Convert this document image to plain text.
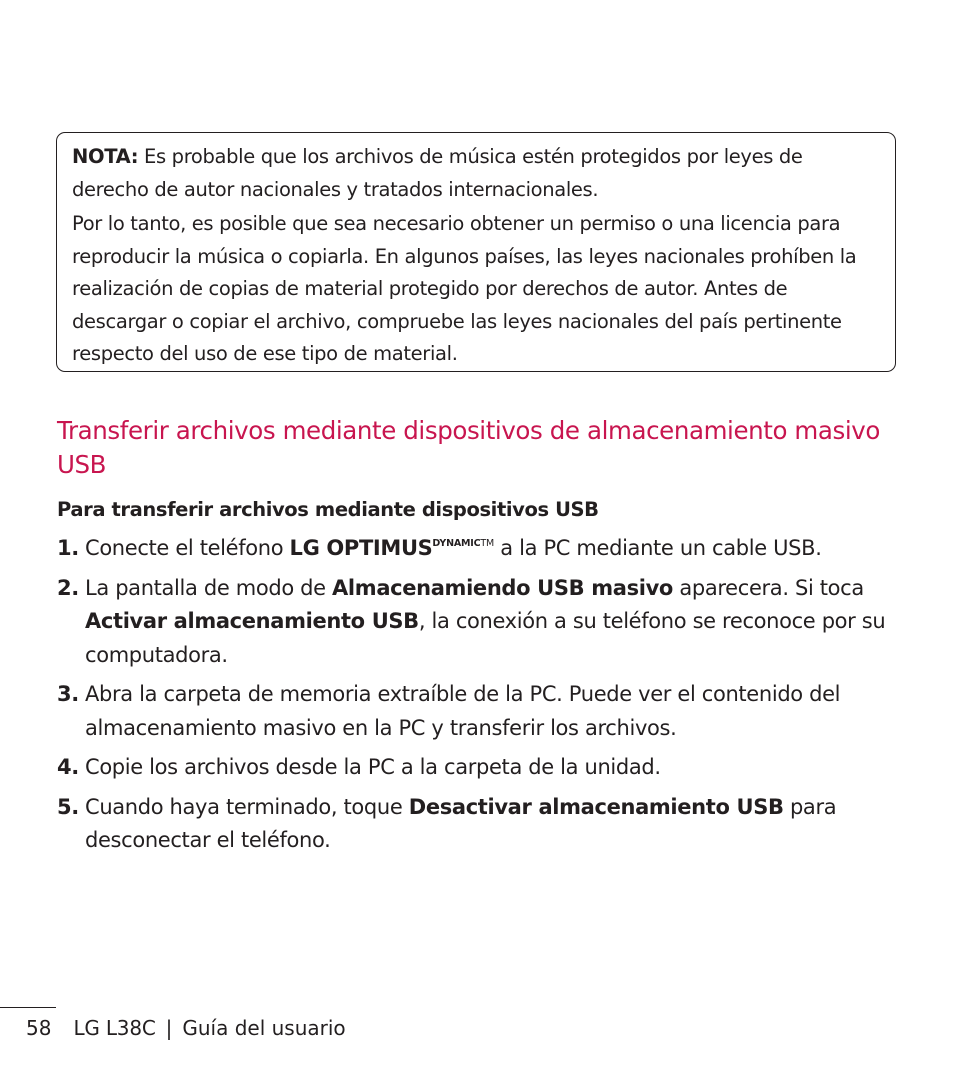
NOTA: Es probable que los archivos de música estén protegidos por leyes de derecho de autor nacionales y tratados internacionales.

Por lo tanto, es posible que sea necesario obtener un permiso o una licencia para reproducir la música o copiarla. En algunos países, las leyes nacionales prohíben la realización de copias de material protegido por derechos de autor. Antes de descargar o copiar el archivo, compruebe las leyes nacionales del país pertinente respecto del uso de ese tipo de material.

Transferir archivos mediante dispositivos de almacenamiento masivo USB
Para transferir archivos mediante dispositivos USB
1. Conecte el teléfono LG $OPTIMUS^{DYNAMICTM}$ a la PC mediante un cable USB.
2. La pantalla de modo de Almacenamiendo USB masivo aparecera. Si toca Activar almacenamiento USB, la conexión a su teléfono se reconoce por su computadora.
3. Abra la carpeta de memoria extraíble de la PC. Puede ver el contenido del almacenamiento masivo en la PC y transferir los archivos.
4. Copie los archivos desde la PC a la carpeta de la unidad.
5. Cuando haya terminado, toque Desactivar almacenamiento USB para desconectar el teléfono.
58 LG L38C | Guía del usuario
